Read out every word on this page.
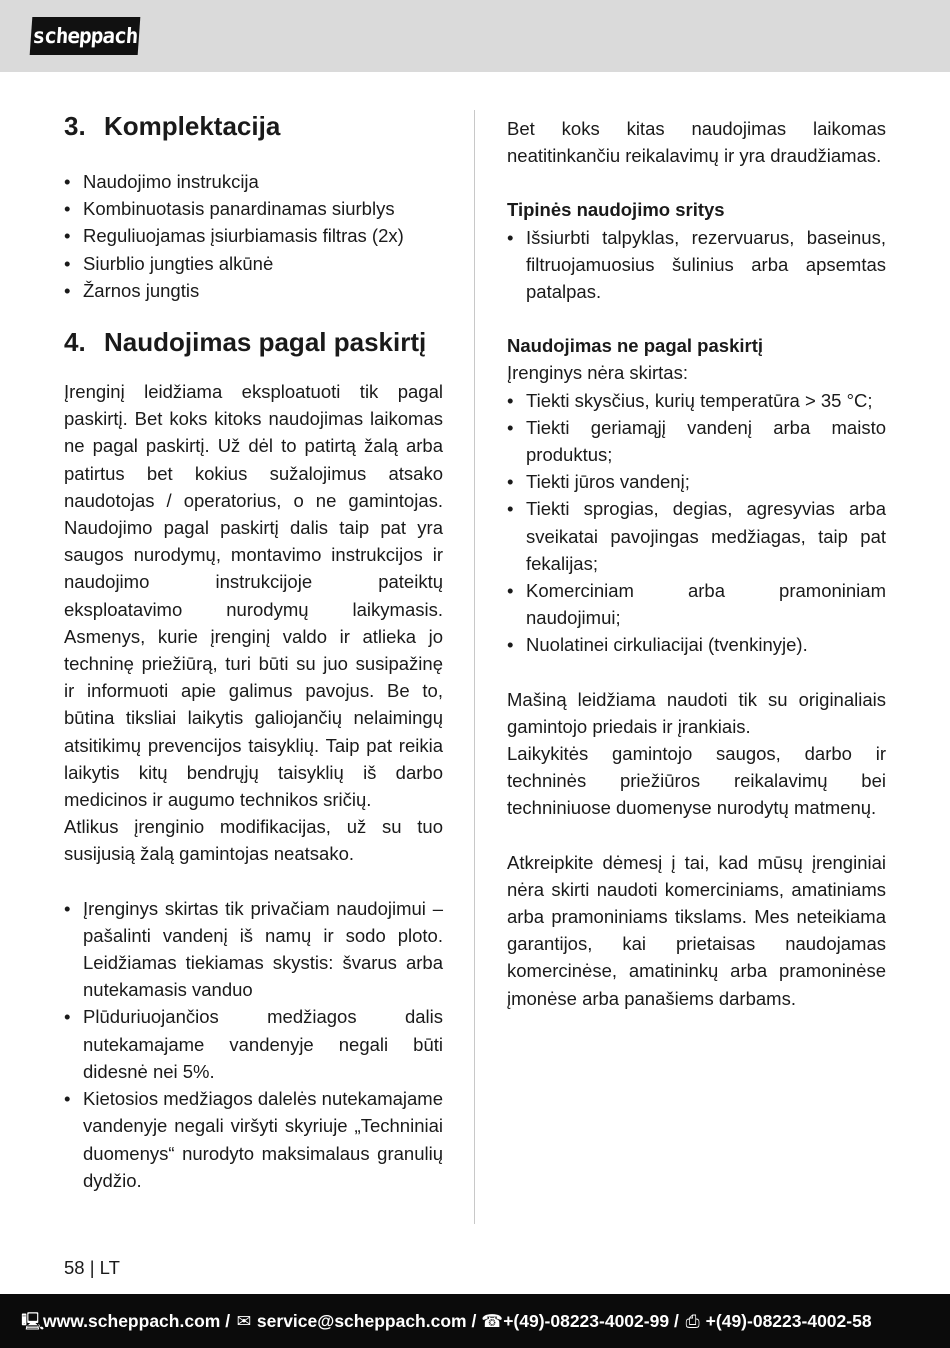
scheppach
3. Komplektacija
• Naudojimo instrukcija
• Kombinuotasis panardinamas siurblys
• Reguliuojamas įsiurbiamasis filtras (2x)
• Siurblio jungties alkūnė
• Žarnos jungtis
4. Naudojimas pagal paskirtį

Įrenginį leidžiama eksploatuoti tik pagal paskirtį. Bet koks kitoks naudojimas laikomas ne pagal paskirtį. Už dėl to patirtą žalą arba patirtus bet kokius sužalojimus atsako naudotojas / operatorius, o ne gamintojas. Naudojimo pagal paskirtį dalis taip pat yra saugos nurodymų, montavimo instrukcijos ir naudojimo instrukcijoje pateiktų eksploatavimo nurodymų laikymasis. Asmenys, kurie įrenginį valdo ir atlieka jo techninę priežiūrą, turi būti su juo susipažinę ir informuoti apie galimus pavojus. Be to, būtina tiksliai laikytis galiojančių nelaimingų atsitikimų prevencijos taisyklių. Taip pat reikia laikytis kitų bendrųjų taisyklių iš darbo medicinos ir augumo technikos sričių.

Atlikus įrenginio modifikacijas, už su tuo susijusią žalą gamintojas neatsako.

• Įrenginys skirtas tik privačiam naudojimui – pašalinti vandenį iš namų ir sodo ploto. Leidžiamas tiekiamas skystis: švarus arba nutekamasis vanduo
• Plūduriuojančios medžiagos dalis nutekamajame vandenyje negali būti didesnė nei 5%.
• Kietosios medžiagos dalelės nutekamajame vandenyje negali viršyti skyriuje „Techniniai duomenys“ nurodyto maksimalaus granulių dydžio.

Bet koks kitas naudojimas laikomas neatitinkančiu reikalavimų ir yra draudžiamas.

Tipinės naudojimo sritys

• Išsiurbti talpyklas, rezervuarus, baseinus, filtruojamuosius šulinius arba apsemtas patalpas.

Naudojimas ne pagal paskirtį

Įrenginys nėra skirtas:

• Tiekti skysčius, kurių temperatūra > 35 °C;
• Tiekti geriamąjį vandenį arba maisto produktus;
• Tiekti jūros vandenį;
• Tiekti sprogias, degias, agresyvias arba sveikatai pavojingas medžiagas, taip pat fekalijas;
• Komerciniam arba pramoniniam naudojimui;
• Nuolatinei cirkuliacijai (tvenkinyje).

Mašiną leidžiama naudoti tik su originaliais gamintojo priedais ir įrankiais.

Laikykitės gamintojo saugos, darbo ir techninės priežiūros reikalavimų bei techniniuose duomenyse nurodytų matmenų.

Atkreipkite dėmesį į tai, kad mūsų įrenginiai nėra skirti naudoti komerciniams, amatiniams arba pramoniniams tikslams. Mes neteikiama garantijos, kai prietaisas naudojamas komercinėse, amatininkų arba pramoninėse įmonėse arba panašiems darbams.

58 | LT
🖳
www.scheppach.com / ✉ service@scheppach.com / ☎ +(49)-08223-4002-99 / ⎙ +(49)-08223-4002-58
